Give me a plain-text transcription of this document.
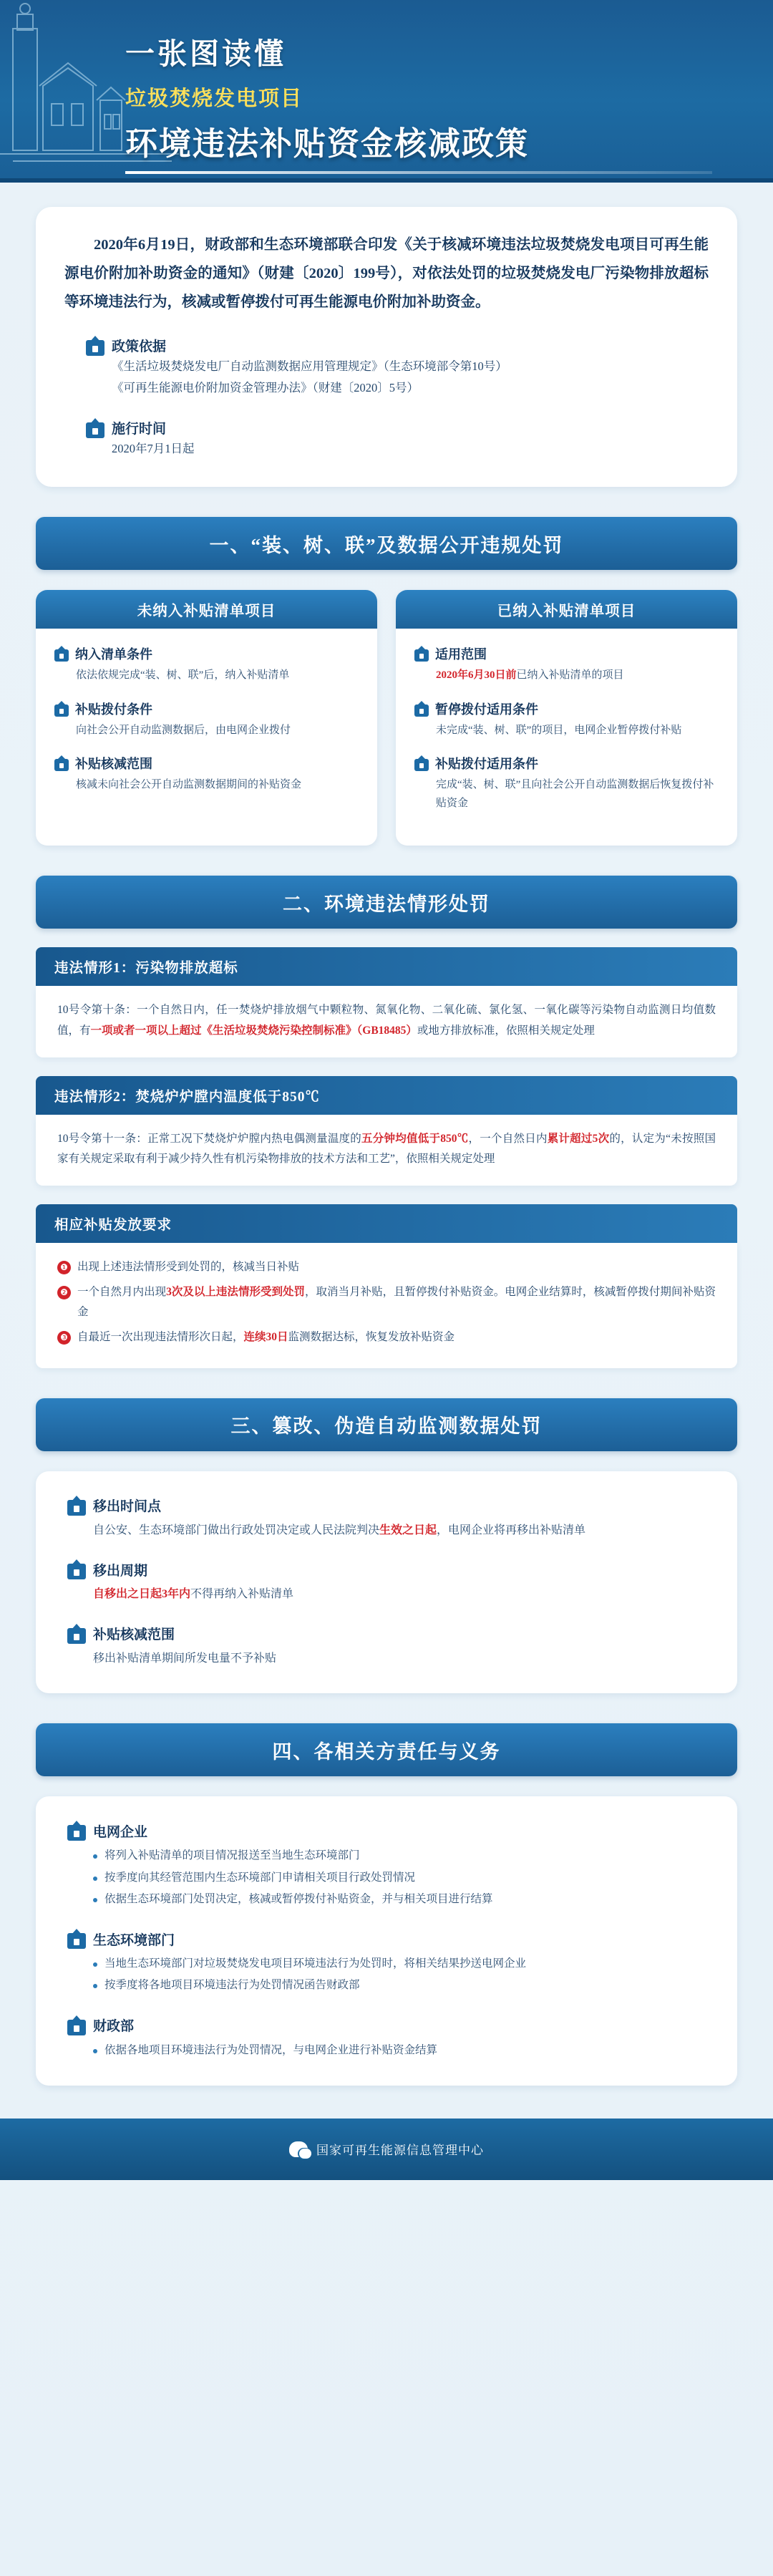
一张图读懂
垃圾焚烧发电项目
环境违法补贴资金核减政策
2020年6月19日，财政部和生态环境部联合印发《关于核减环境违法垃圾焚烧发电项目可再生能源电价附加补助资金的通知》（财建〔2020〕199号），对依法处罚的垃圾焚烧发电厂污染物排放超标等环境违法行为，核减或暂停拨付可再生能源电价附加补助资金。
政策依据
《生活垃圾焚烧发电厂自动监测数据应用管理规定》（生态环境部令第10号）
《可再生能源电价附加资金管理办法》（财建〔2020〕5号）
施行时间
2020年7月1日起
一、“装、树、联”及数据公开违规处罚
未纳入补贴清单项目
纳入清单条件
依法依规完成“装、树、联”后，纳入补贴清单
补贴拨付条件
向社会公开自动监测数据后，由电网企业拨付
补贴核减范围
核减未向社会公开自动监测数据期间的补贴资金
已纳入补贴清单项目
适用范围
2020年6月30日前已纳入补贴清单的项目
暂停拨付适用条件
未完成“装、树、联”的项目，电网企业暂停拨付补贴
补贴拨付适用条件
完成“装、树、联”且向社会公开自动监测数据后恢复拨付补贴资金
二、环境违法情形处罚
违法情形1：污染物排放超标
10号令第十条：一个自然日内，任一焚烧炉排放烟气中颗粒物、氮氧化物、二氧化硫、氯化氢、一氧化碳等污染物自动监测日均值数值，有一项或者一项以上超过《生活垃圾焚烧污染控制标准》（GB18485）或地方排放标准，依照相关规定处理
违法情形2：焚烧炉炉膛内温度低于850℃
10号令第十一条：正常工况下焚烧炉炉膛内热电偶测量温度的五分钟均值低于850℃，一个自然日内累计超过5次的，认定为“未按照国家有关规定采取有利于减少持久性有机污染物排放的技术方法和工艺”，依照相关规定处理
相应补贴发放要求
❶ 出现上述违法情形受到处罚的，核减当日补贴
❷ 一个自然月内出现3次及以上违法情形受到处罚，取消当月补贴，且暂停拨付补贴资金。电网企业结算时，核减暂停拨付期间补贴资金
❸ 自最近一次出现违法情形次日起，连续30日监测数据达标，恢复发放补贴资金
三、篡改、伪造自动监测数据处罚
移出时间点
自公安、生态环境部门做出行政处罚决定或人民法院判决生效之日起，电网企业将再移出补贴清单
移出周期
自移出之日起3年内不得再纳入补贴清单
补贴核减范围
移出补贴清单期间所发电量不予补贴
四、各相关方责任与义务
电网企业
将列入补贴清单的项目情况报送至当地生态环境部门
按季度向其经管范围内生态环境部门申请相关项目行政处罚情况
依据生态环境部门处罚决定，核减或暂停拨付补贴资金，并与相关项目进行结算
生态环境部门
当地生态环境部门对垃圾焚烧发电项目环境违法行为处罚时，将相关结果抄送电网企业
按季度将各地项目环境违法行为处罚情况函告财政部
财政部
依据各地项目环境违法行为处罚情况，与电网企业进行补贴资金结算
国家可再生能源信息管理中心
